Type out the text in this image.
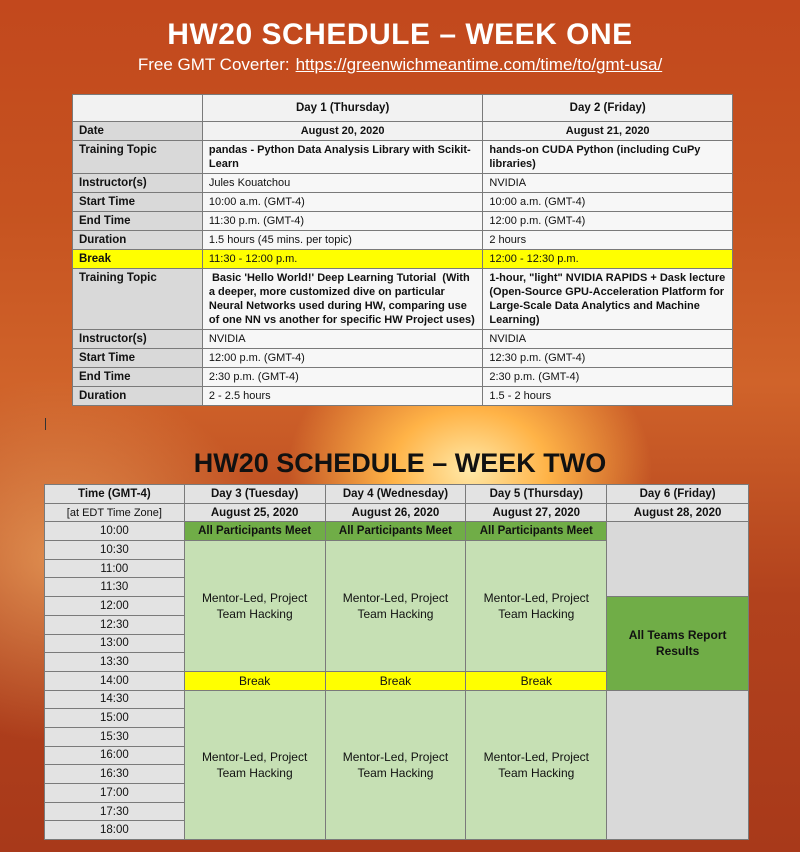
HW20 SCHEDULE – WEEK ONE
Free GMT Coverter: https://greenwichmeantime.com/time/to/gmt-usa/
	Day 1 (Thursday)	Day 2 (Friday)
Date	August 20, 2020	August 21, 2020
Training Topic	pandas - Python Data Analysis Library with Scikit-Learn	hands-on CUDA Python (including CuPy libraries)
Instructor(s)	Jules Kouatchou	NVIDIA
Start Time	10:00 a.m. (GMT-4)	10:00 a.m. (GMT-4)
End Time	11:30 p.m. (GMT-4)	12:00 p.m. (GMT-4)
Duration	1.5 hours (45 mins. per topic)	2 hours
Break	11:30 - 12:00 p.m.	12:00 - 12:30 p.m.
Training Topic	Basic 'Hello World!' Deep Learning Tutorial  (With a deeper, more customized dive on particular Neural Networks used during HW, comparing use of one NN vs another for specific HW Project uses)	1-hour, "light" NVIDIA RAPIDS + Dask lecture (Open-Source GPU-Acceleration Platform for Large-Scale Data Analytics and Machine Learning)
Instructor(s)	NVIDIA	NVIDIA
Start Time	12:00 p.m. (GMT-4)	12:30 p.m. (GMT-4)
End Time	2:30 p.m. (GMT-4)	2:30 p.m. (GMT-4)
Duration	2 - 2.5 hours	1.5 - 2 hours
HW20 SCHEDULE – WEEK TWO
Time (GMT-4)	Day 3 (Tuesday)	Day 4 (Wednesday)	Day 5 (Thursday)	Day 6 (Friday)
[at EDT Time Zone]	August 25, 2020	August 26, 2020	August 27, 2020	August 28, 2020
10:00	All Participants Meet	All Participants Meet	All Participants Meet	
10:30	Mentor-Led, Project Team Hacking	Mentor-Led, Project Team Hacking	Mentor-Led, Project Team Hacking	
11:00				
11:30				
12:00				All Teams Report Results
12:30				
13:00				
13:30				
14:00	Break	Break	Break	
14:30	Mentor-Led, Project Team Hacking	Mentor-Led, Project Team Hacking	Mentor-Led, Project Team Hacking	
15:00				
15:30				
16:00				
16:30				
17:00				
17:30				
18:00				
